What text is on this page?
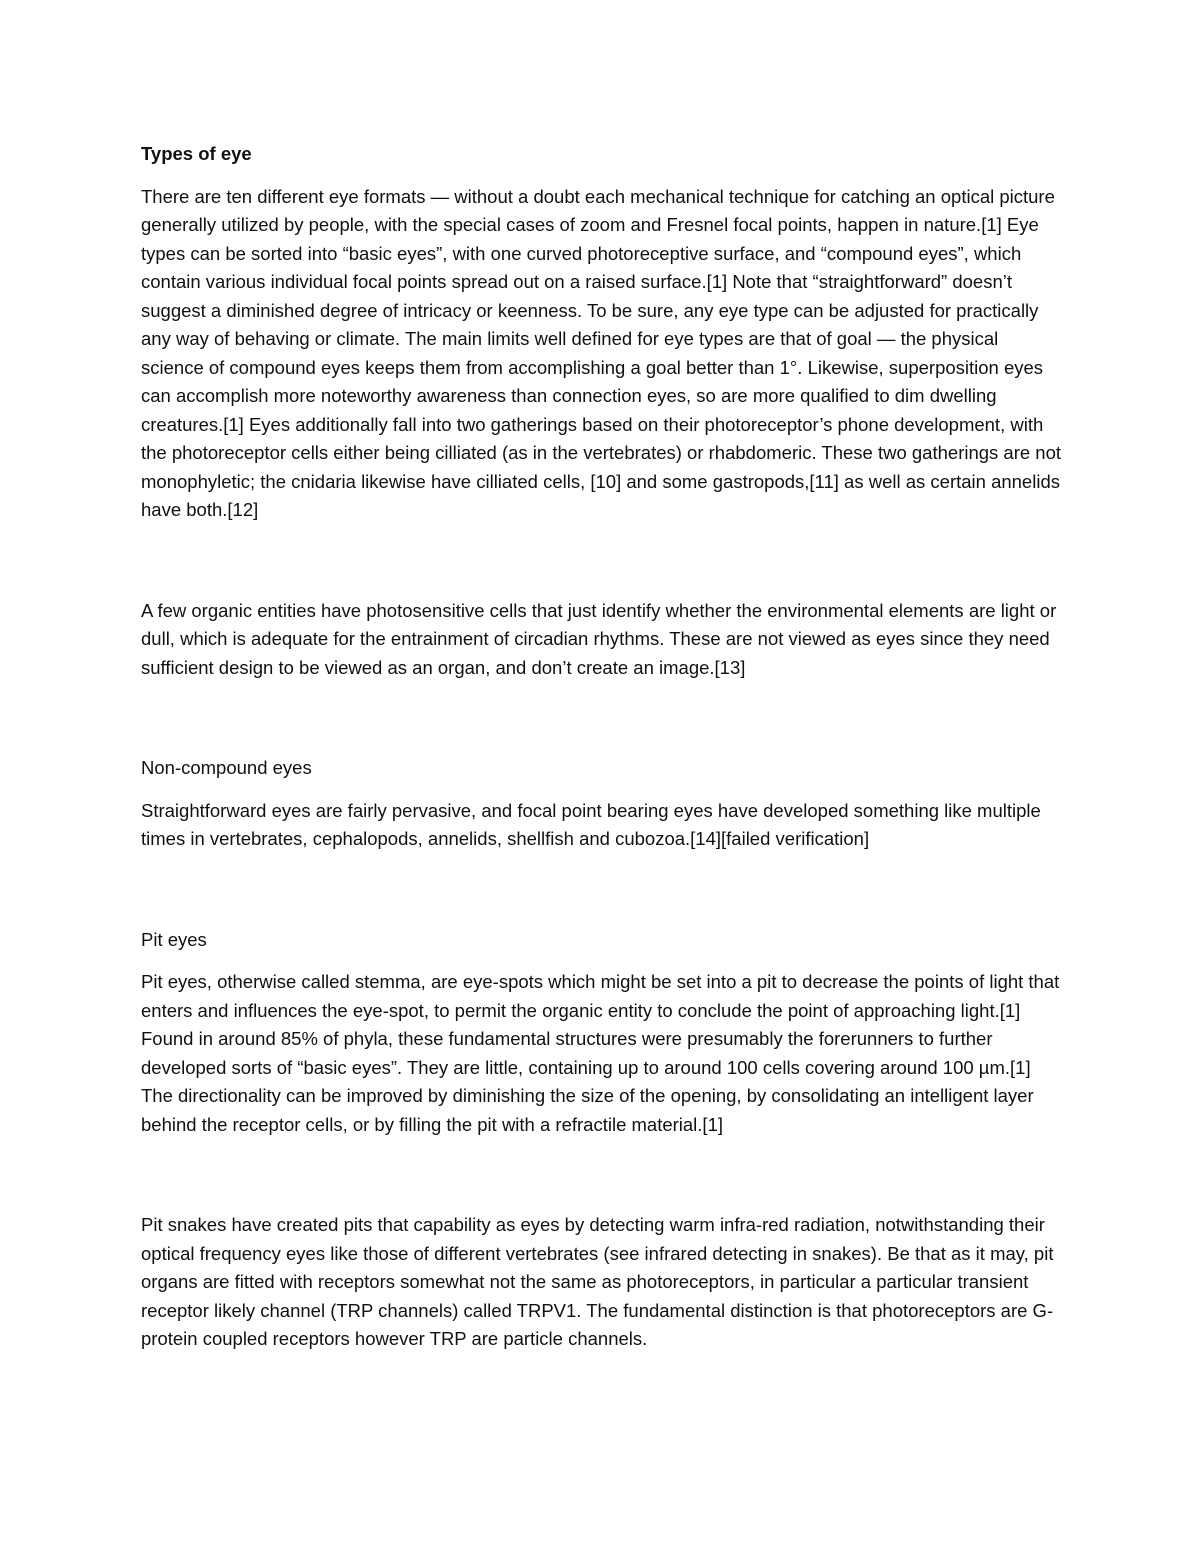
Types of eye

There are ten different eye formats — without a doubt each mechanical technique for catching an optical picture generally utilized by people, with the special cases of zoom and Fresnel focal points, happen in nature.[1] Eye types can be sorted into “basic eyes”, with one curved photoreceptive surface, and “compound eyes”, which contain various individual focal points spread out on a raised surface.[1] Note that “straightforward” doesn’t suggest a diminished degree of intricacy or keenness. To be sure, any eye type can be adjusted for practically any way of behaving or climate. The main limits well defined for eye types are that of goal — the physical science of compound eyes keeps them from accomplishing a goal better than 1°. Likewise, superposition eyes can accomplish more noteworthy awareness than connection eyes, so are more qualified to dim dwelling creatures.[1] Eyes additionally fall into two gatherings based on their photoreceptor’s phone development, with the photoreceptor cells either being cilliated (as in the vertebrates) or rhabdomeric. These two gatherings are not monophyletic; the cnidaria likewise have cilliated cells, [10] and some gastropods,[11] as well as certain annelids have both.[12]

A few organic entities have photosensitive cells that just identify whether the environmental elements are light or dull, which is adequate for the entrainment of circadian rhythms. These are not viewed as eyes since they need sufficient design to be viewed as an organ, and don’t create an image.[13]

Non-compound eyes

Straightforward eyes are fairly pervasive, and focal point bearing eyes have developed something like multiple times in vertebrates, cephalopods, annelids, shellfish and cubozoa.[14][failed verification]

Pit eyes

Pit eyes, otherwise called stemma, are eye-spots which might be set into a pit to decrease the points of light that enters and influences the eye-spot, to permit the organic entity to conclude the point of approaching light.[1] Found in around 85% of phyla, these fundamental structures were presumably the forerunners to further developed sorts of “basic eyes”. They are little, containing up to around 100 cells covering around 100 µm.[1] The directionality can be improved by diminishing the size of the opening, by consolidating an intelligent layer behind the receptor cells, or by filling the pit with a refractile material.[1]

Pit snakes have created pits that capability as eyes by detecting warm infra-red radiation, notwithstanding their optical frequency eyes like those of different vertebrates (see infrared detecting in snakes). Be that as it may, pit organs are fitted with receptors somewhat not the same as photoreceptors, in particular a particular transient receptor likely channel (TRP channels) called TRPV1. The fundamental distinction is that photoreceptors are G-protein coupled receptors however TRP are particle channels.
